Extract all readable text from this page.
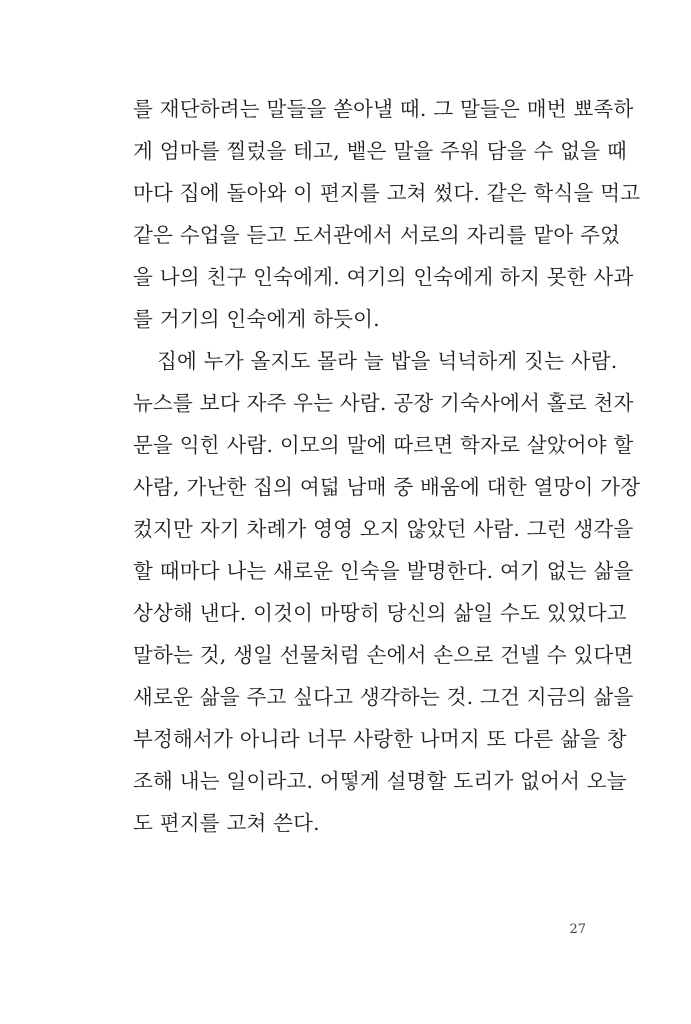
를 재단하려는 말들을 쏟아낼 때. 그 말들은 매번 뾰족하
게 엄마를 찔렀을 테고, 뱉은 말을 주워 담을 수 없을 때
마다 집에 돌아와 이 편지를 고쳐 썼다. 같은 학식을 먹고
같은 수업을 듣고 도서관에서 서로의 자리를 맡아 주었
을 나의 친구 인숙에게. 여기의 인숙에게 하지 못한 사과
를 거기의 인숙에게 하듯이.
집에 누가 올지도 몰라 늘 밥을 넉넉하게 짓는 사람.
뉴스를 보다 자주 우는 사람. 공장 기숙사에서 홀로 천자
문을 익힌 사람. 이모의 말에 따르면 학자로 살았어야 할
사람, 가난한 집의 여덟 남매 중 배움에 대한 열망이 가장
컸지만 자기 차례가 영영 오지 않았던 사람. 그런 생각을
할 때마다 나는 새로운 인숙을 발명한다. 여기 없는 삶을
상상해 낸다. 이것이 마땅히 당신의 삶일 수도 있었다고
말하는 것, 생일 선물처럼 손에서 손으로 건넬 수 있다면
새로운 삶을 주고 싶다고 생각하는 것. 그건 지금의 삶을
부정해서가 아니라 너무 사랑한 나머지 또 다른 삶을 창
조해 내는 일이라고. 어떻게 설명할 도리가 없어서 오늘
도 편지를 고쳐 쓴다.
27
